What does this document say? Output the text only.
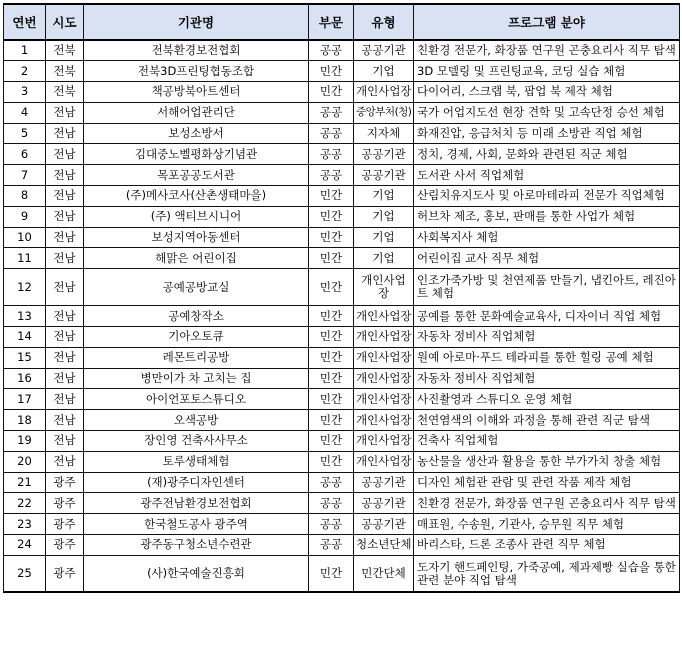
연번	시도	기관명	부문	유형	프로그램 분야
1	전북	전북환경보전협회	공공	공공기관	친환경 전문가, 화장품 연구원 곤충요리사 직무 탐색
2	전북	전북3D프린팅협동조합	민간	기업	3D 모델링 및 프린팅교육, 코딩 실습 체험
3	전북	책공방북아트센터	민간	개인사업장	다이어리, 스크랩 북, 팝업 북 제작 체험
4	전남	서해어업관리단	공공	중앙부처(청)	국가 어업지도선 현장 견학 및 고속단정 승선 체험
5	전남	보성소방서	공공	지자체	화재진압, 응급처치 등 미래 소방관 직업 체험
6	전남	김대중노벨평화상기념관	공공	공공기관	정치, 경제, 사회, 문화와 관련된 직군 체험
7	전남	목포공공도서관	공공	공공기관	도서관 사서 직업체험
8	전남	(주)메사코사(산촌생태마을)	민간	기업	산림치유지도사 및 아로마테라피 전문가 직업체험
9	전남	(주) 액티브시니어	민간	기업	허브차 제조, 홍보, 판매를 통한 사업가 체험
10	전남	보성지역아동센터	민간	기업	사회복지사 체험
11	전남	해맑은 어린이집	민간	기업	어린이집 교사 직무 체험
12	전남	공예공방교실	민간	개인사업장	인조가죽가방 및 천연제품 만들기, 냅킨아트, 레진아트 체험
13	전남	공예창작소	민간	개인사업장	공예를 통한 문화예술교육사, 디자이너 직업 체험
14	전남	기아오토큐	민간	개인사업장	자동차 정비사 직업체험
15	전남	레몬트리공방	민간	개인사업장	원예 아로마·푸드 테라피를 통한 힐링 공예 체험
16	전남	병만이가 차 고치는 집	민간	개인사업장	자동차 정비사 직업체험
17	전남	아이언포토스튜디오	민간	개인사업장	사진촬영과 스튜디오 운영 체험
18	전남	오색공방	민간	개인사업장	천연염색의 이해와 과정을 통해 관련 직군 탐색
19	전남	장인영 건축사사무소	민간	개인사업장	건축사 직업체험
20	전남	토루생태체험	민간	개인사업장	농산물을 생산과 활용을 통한 부가가치 창출 체험
21	광주	(재)광주디자인센터	공공	공공기관	디자인 체험관 관람 및 관련 작품 제작 체험
22	광주	광주전남환경보전협회	공공	공공기관	친환경 전문가, 화장품 연구원 곤충요리사 직무 탐색
23	광주	한국철도공사 광주역	공공	공공기관	매표원, 수송원, 기관사, 승무원 직무 체험
24	광주	광주동구청소년수련관	공공	청소년단체	바리스타, 드론 조종사 관련 직무 체험
25	광주	(사)한국예술진흥회	민간	민간단체	도자기 핸드페인팅, 가죽공예, 제과제빵 실습을 통한 관련 분야 직업 탐색
